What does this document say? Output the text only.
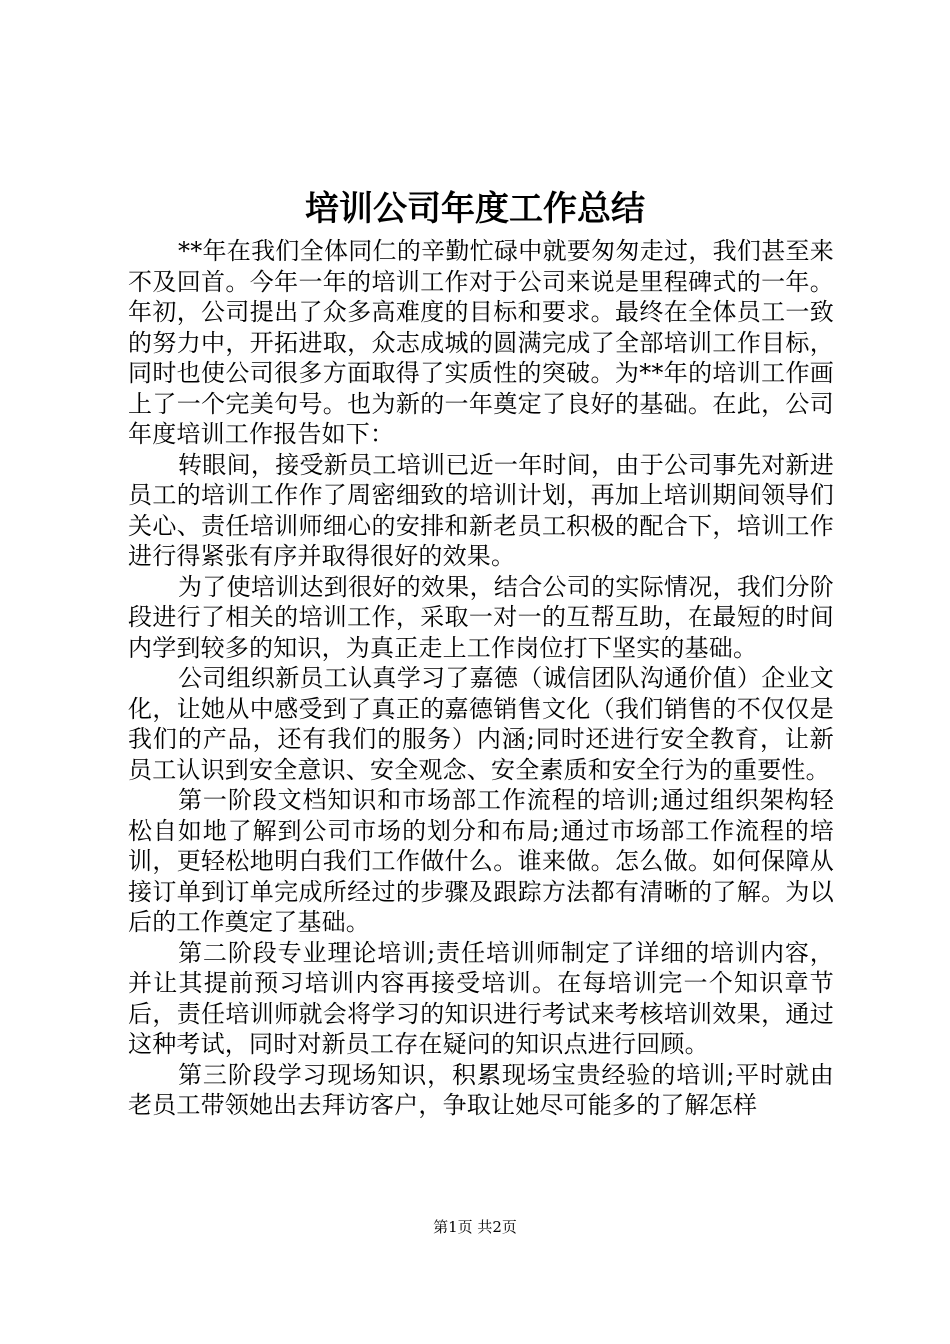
培训公司年度工作总结

**年在我们全体同仁的辛勤忙碌中就要匆匆走过，我们甚至来不及回首。今年一年的培训工作对于公司来说是里程碑式的一年。年初，公司提出了众多高难度的目标和要求。最终在全体员工一致的努力中，开拓进取，众志成城的圆满完成了全部培训工作目标，同时也使公司很多方面取得了实质性的突破。为**年的培训工作画上了一个完美句号。也为新的一年奠定了良好的基础。在此，公司年度培训工作报告如下：

转眼间，接受新员工培训已近一年时间，由于公司事先对新进员工的培训工作作了周密细致的培训计划，再加上培训期间领导们关心、责任培训师细心的安排和新老员工积极的配合下，培训工作进行得紧张有序并取得很好的效果。

为了使培训达到很好的效果，结合公司的实际情况，我们分阶段进行了相关的培训工作，采取一对一的互帮互助，在最短的时间内学到较多的知识，为真正走上工作岗位打下坚实的基础。

公司组织新员工认真学习了嘉德（诚信团队沟通价值）企业文化，让她从中感受到了真正的嘉德销售文化（我们销售的不仅仅是我们的产品，还有我们的服务）内涵;同时还进行安全教育，让新员工认识到安全意识、安全观念、安全素质和安全行为的重要性。

第一阶段文档知识和市场部工作流程的培训;通过组织架构轻松自如地了解到公司市场的划分和布局;通过市场部工作流程的培训，更轻松地明白我们工作做什么。谁来做。怎么做。如何保障从接订单到订单完成所经过的步骤及跟踪方法都有清晰的了解。为以后的工作奠定了基础。

第二阶段专业理论培训;责任培训师制定了详细的培训内容，并让其提前预习培训内容再接受培训。在每培训完一个知识章节后，责任培训师就会将学习的知识进行考试来考核培训效果，通过这种考试，同时对新员工存在疑问的知识点进行回顾。

第三阶段学习现场知识，积累现场宝贵经验的培训;平时就由老员工带领她出去拜访客户，争取让她尽可能多的了解怎样

第1页 共2页
